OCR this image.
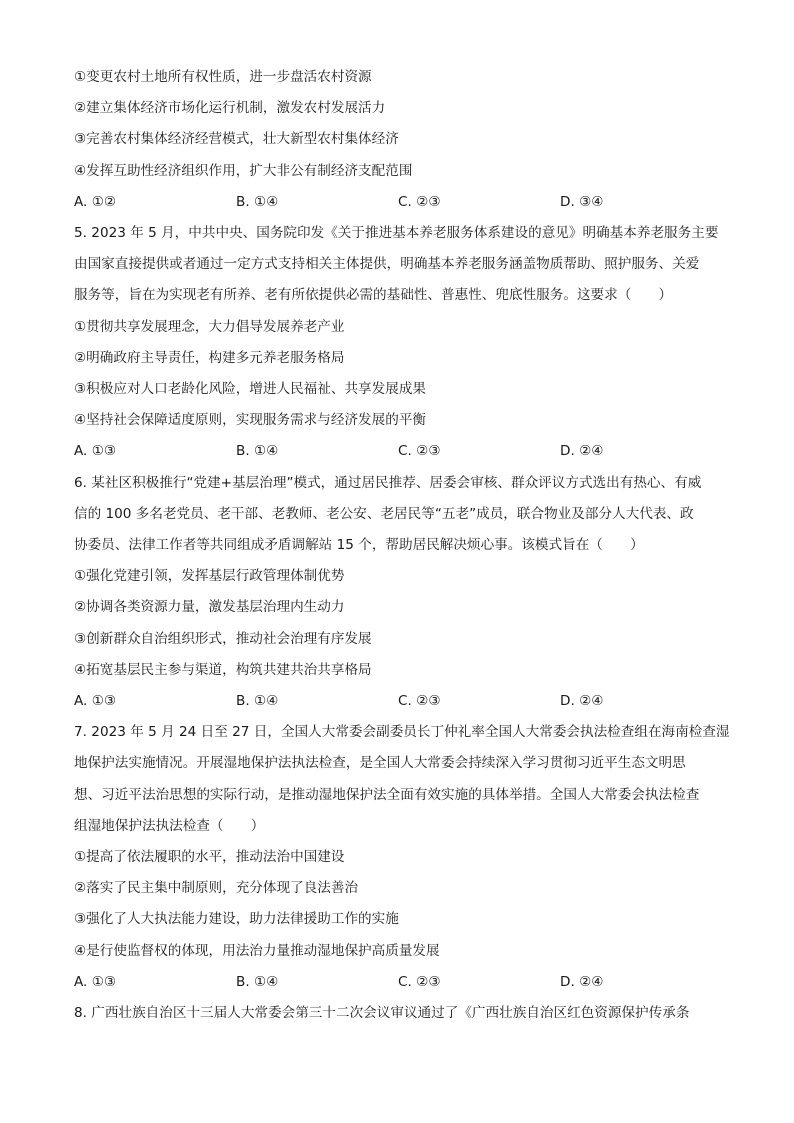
①变更农村土地所有权性质，进一步盘活农村资源
②建立集体经济市场化运行机制，激发农村发展活力
③完善农村集体经济经营模式，壮大新型农村集体经济
④发挥互助性经济组织作用，扩大非公有制经济支配范围
A. ①②	B. ①④	C. ②③	D. ③④
5. 2023 年 5 月，中共中央、国务院印发《关于推进基本养老服务体系建设的意见》明确基本养老服务主要
由国家直接提供或者通过一定方式支持相关主体提供，明确基本养老服务涵盖物质帮助、照护服务、关爱
服务等，旨在为实现老有所养、老有所依提供必需的基础性、普惠性、兜底性服务。这要求（　　）
①贯彻共享发展理念，大力倡导发展养老产业
②明确政府主导责任，构建多元养老服务格局
③积极应对人口老龄化风险，增进人民福祉、共享发展成果
④坚持社会保障适度原则，实现服务需求与经济发展的平衡
A. ①③	B. ①④	C. ②③	D. ②④
6. 某社区积极推行“党建+基层治理”模式，通过居民推荐、居委会审核、群众评议方式选出有热心、有威
信的 100 多名老党员、老干部、老教师、老公安、老居民等“五老”成员，联合物业及部分人大代表、政
协委员、法律工作者等共同组成矛盾调解站 15 个，帮助居民解决烦心事。该模式旨在（　　）
①强化党建引领，发挥基层行政管理体制优势
②协调各类资源力量，激发基层治理内生动力
③创新群众自治组织形式，推动社会治理有序发展
④拓宽基层民主参与渠道，构筑共建共治共享格局
A. ①③	B. ①④	C. ②③	D. ②④
7. 2023 年 5 月 24 日至 27 日，全国人大常委会副委员长丁仲礼率全国人大常委会执法检查组在海南检查湿
地保护法实施情况。开展湿地保护法执法检查，是全国人大常委会持续深入学习贯彻习近平生态文明思
想、习近平法治思想的实际行动，是推动湿地保护法全面有效实施的具体举措。全国人大常委会执法检查
组湿地保护法执法检查（　　）
①提高了依法履职的水平，推动法治中国建设
②落实了民主集中制原则，充分体现了良法善治
③强化了人大执法能力建设，助力法律援助工作的实施
④是行使监督权的体现，用法治力量推动湿地保护高质量发展
A. ①③	B. ①④	C. ②③	D. ②④
8. 广西壮族自治区十三届人大常委会第三十二次会议审议通过了《广西壮族自治区红色资源保护传承条
